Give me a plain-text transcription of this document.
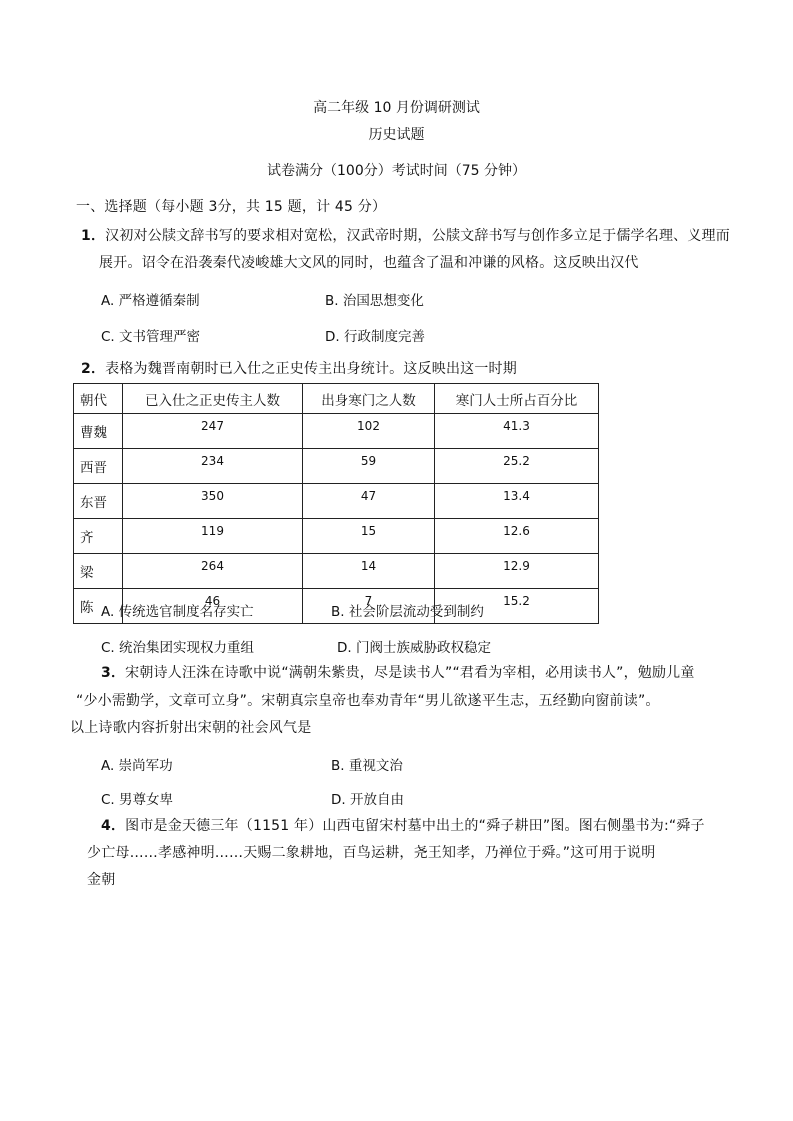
高二年级 10 月份调研测试
历史试题
试卷满分（100分）考试时间（75 分钟）
一、选择题（每小题 3分，共 15 题，计 45 分）
1．汉初对公牍文辞书写的要求相对宽松，汉武帝时期，公牍文辞书写与创作多立足于儒学名理、义理而
展开。诏令在沿袭秦代凌峻雄大文风的同时，也蕴含了温和冲谦的风格。这反映出汉代
A. 严格遵循秦制	B. 治国思想变化
C. 文书管理严密	D. 行政制度完善
2．表格为魏晋南朝时已入仕之正史传主出身统计。这反映出这一时期
朝代	已入仕之正史传主人数	出身寒门之人数	寒门人士所占百分比
曹魏	247	102	41.3
西晋	234	59	25.2
东晋	350	47	13.4
齐	119	15	12.6
梁	264	14	12.9
陈	46	7	15.2
A. 传统选官制度名存实亡	B. 社会阶层流动受到制约
C. 统治集团实现权力重组	D. 门阀士族威胁政权稳定
3．宋朝诗人汪洙在诗歌中说“满朝朱紫贵，尽是读书人”“君看为宰相，必用读书人”，勉励儿童
“少小需勤学，文章可立身”。宋朝真宗皇帝也奉劝青年“男儿欲遂平生志，五经勤向窗前读”。
以上诗歌内容折射出宋朝的社会风气是
A. 崇尚军功	B. 重视文治
C. 男尊女卑	D. 开放自由
4．图市是金天德三年（1151 年）山西屯留宋村墓中出土的“舜子耕田”图。图右侧墨书为:“舜子
少亡母……孝感神明……天赐二象耕地，百鸟运耕，尧王知孝，乃禅位于舜。”这可用于说明
金朝
